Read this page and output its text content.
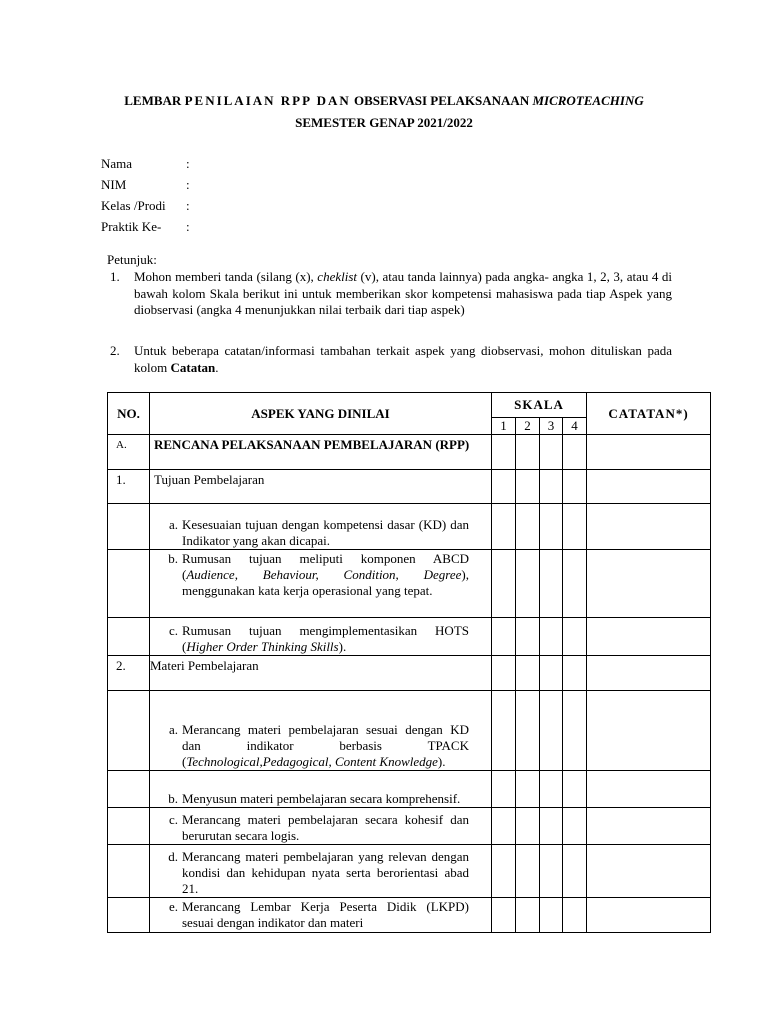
LEMBAR PENILAIAN RPP DAN OBSERVASI PELAKSANAAN MICROTEACHING
SEMESTER GENAP 2021/2022
Nama	:
NIM	:
Kelas /Prodi :
Praktik Ke- :
Petunjuk:
1. Mohon memberi tanda (silang (x), cheklist (v), atau tanda lainnya) pada angka- angka 1, 2, 3, atau 4 di bawah kolom Skala berikut ini untuk memberikan skor kompetensi mahasiswa pada tiap Aspek yang diobservasi (angka 4 menunjukkan nilai terbaik dari tiap aspek)
2. Untuk beberapa catatan/informasi tambahan terkait aspek yang diobservasi, mohon dituliskan pada kolom Catatan.
NO.	ASPEK YANG DINILAI	SKALA				CATATAN*)
		1	2	3	4	
A.	RENCANA PELAKSANAAN PEMBELAJARAN (RPP)					
1.	Tujuan Pembelajaran					

	a. Kesesuaian tujuan dengan kompetensi dasar (KD) dan Indikator yang akan dicapai.					

	b. Rumusan tujuan meliputi komponen ABCD (Audience, Behaviour, Condition, Degree), menggunakan kata kerja operasional yang tepat.					

	c. Rumusan tujuan mengimplementasikan HOTS (Higher Order Thinking Skills).					

2.	Materi Pembelajaran					

	a. Merancang materi pembelajaran sesuai dengan KD dan indikator berbasis TPACK (Technological,Pedagogical, Content Knowledge).					

	b. Menyusun materi pembelajaran secara komprehensif.					

	c. Merancang materi pembelajaran secara kohesif dan berurutan secara logis.					

	d. Merancang materi pembelajaran yang relevan dengan kondisi dan kehidupan nyata serta berorientasi abad 21.					

	e. Merancang Lembar Kerja Peserta Didik (LKPD) sesuai dengan indikator dan materi					
